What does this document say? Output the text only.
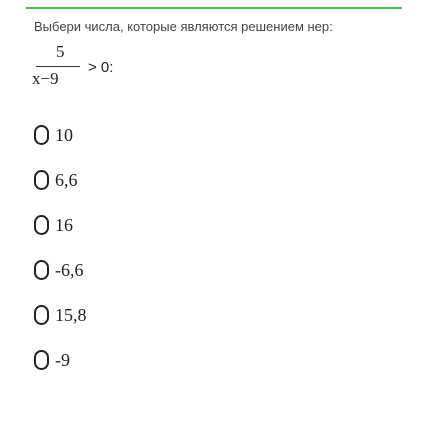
Выбери числа, которые являются решением нер:
5
x−9
> 0:
10
6,6
16
-6,6
15,8
-9
